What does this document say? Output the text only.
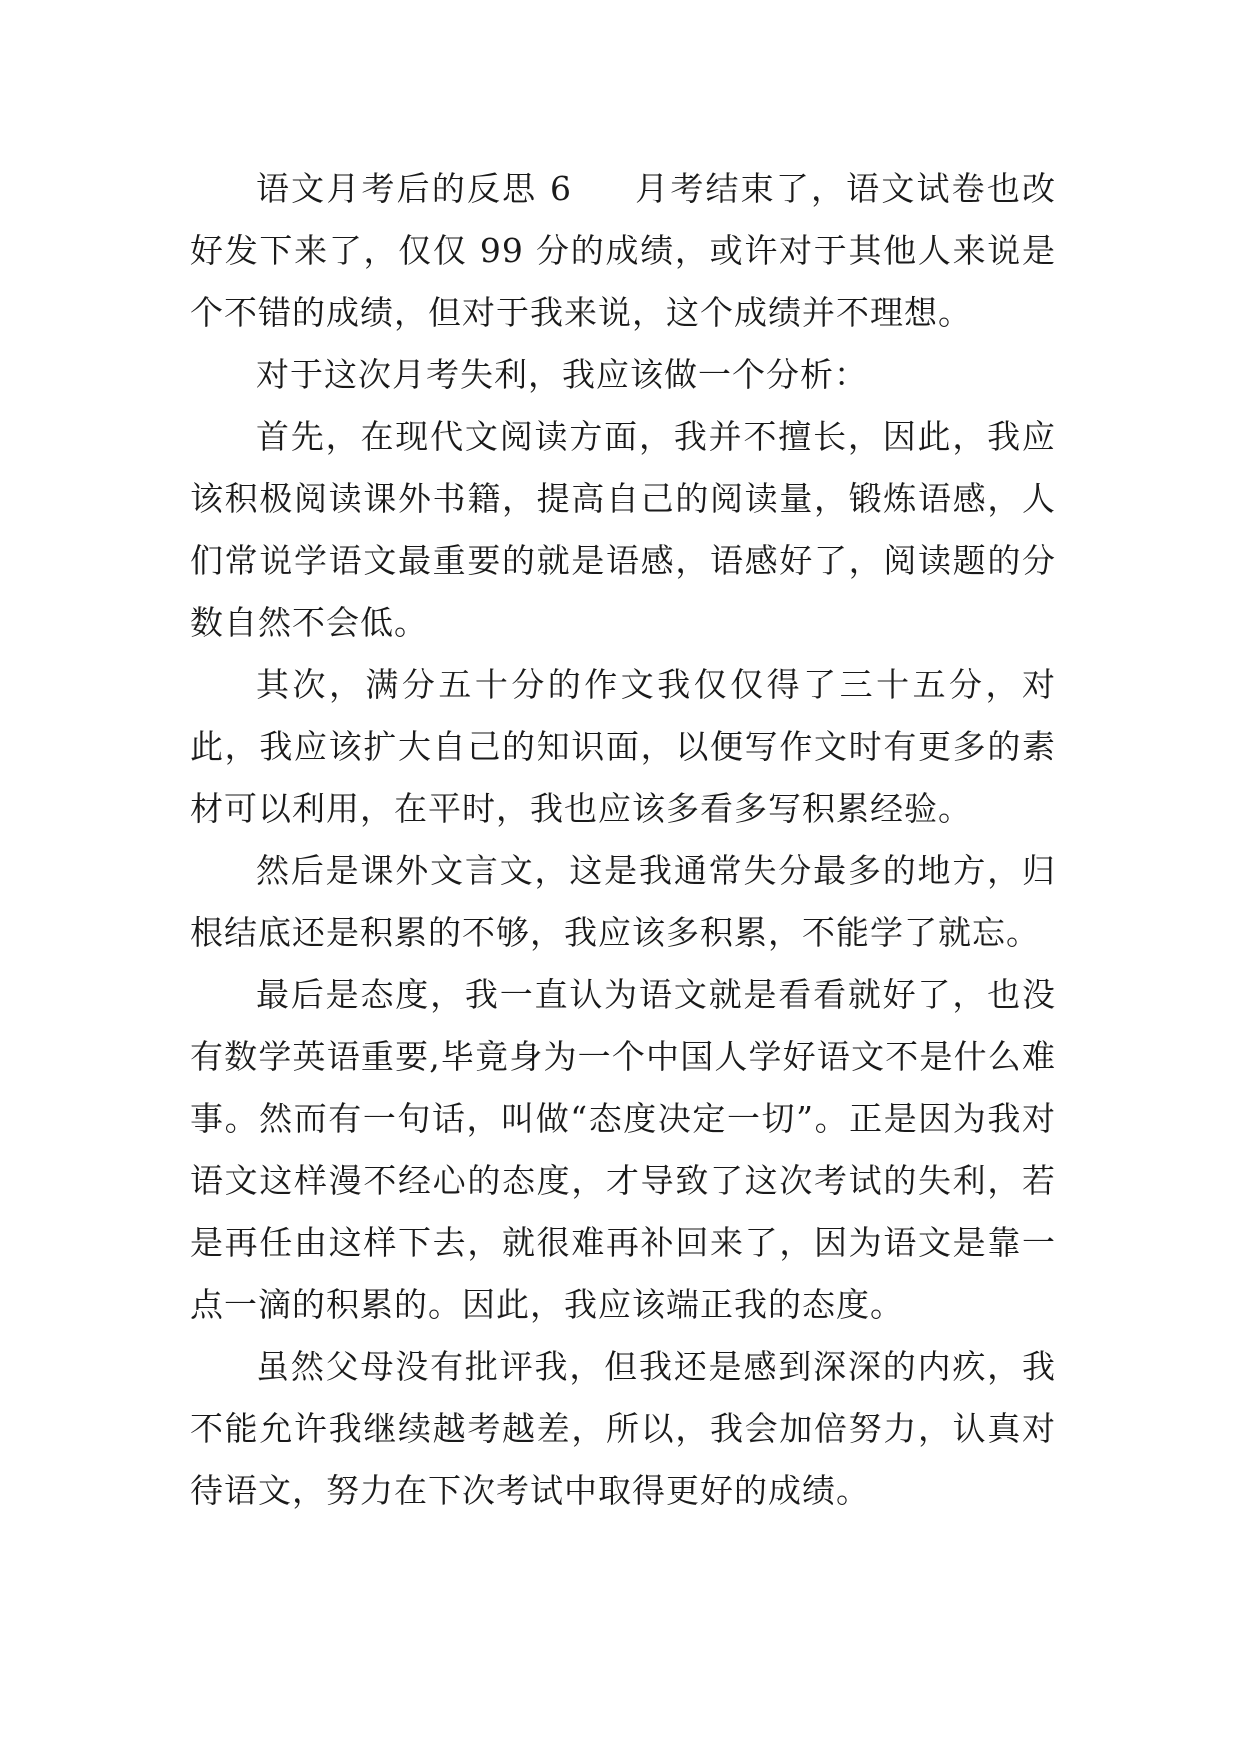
语文月考后的反思 6 月考结束了，语文试卷也改好发下来了，仅仅 99 分的成绩，或许对于其他人来说是个不错的成绩，但对于我来说，这个成绩并不理想。

对于这次月考失利，我应该做一个分析：

首先，在现代文阅读方面，我并不擅长，因此，我应该积极阅读课外书籍，提高自己的阅读量，锻炼语感，人们常说学语文最重要的就是语感，语感好了，阅读题的分数自然不会低。

其次，满分五十分的作文我仅仅得了三十五分，对此，我应该扩大自己的知识面，以便写作文时有更多的素材可以利用，在平时，我也应该多看多写积累经验。

然后是课外文言文，这是我通常失分最多的地方，归根结底还是积累的不够，我应该多积累，不能学了就忘。

最后是态度，我一直认为语文就是看看就好了，也没有数学英语重要,毕竟身为一个中国人学好语文不是什么难事。然而有一句话，叫做“态度决定一切”。正是因为我对语文这样漫不经心的态度，才导致了这次考试的失利，若是再任由这样下去，就很难再补回来了，因为语文是靠一点一滴的积累的。因此，我应该端正我的态度。

虽然父母没有批评我，但我还是感到深深的内疚，我不能允许我继续越考越差，所以，我会加倍努力，认真对待语文，努力在下次考试中取得更好的成绩。
